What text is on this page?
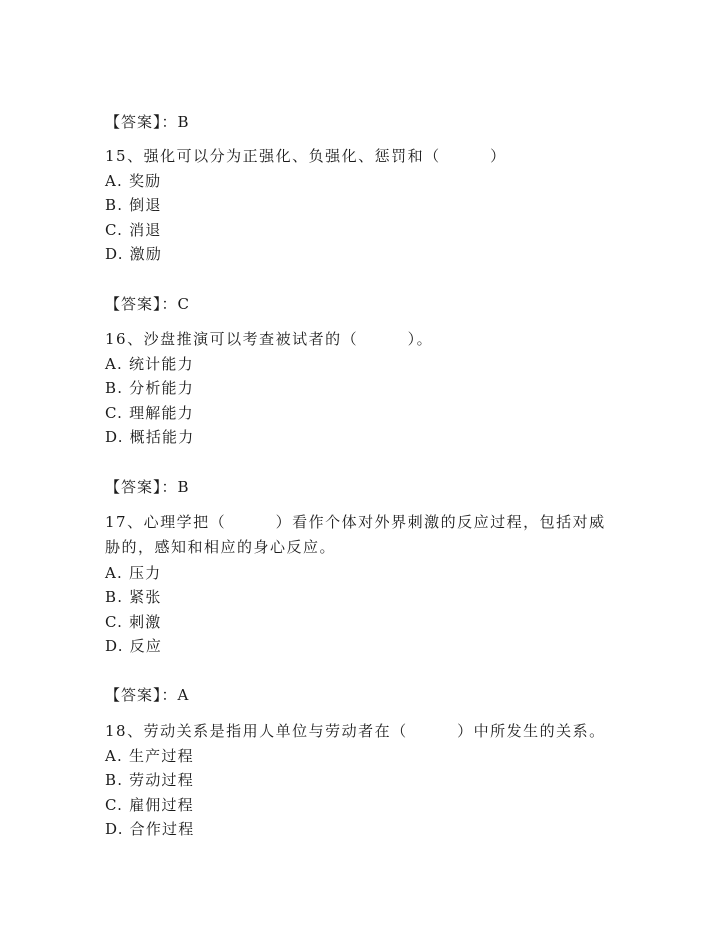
【答案】：B
15、强化可以分为正强化、负强化、惩罚和（　　　）
A. 奖励
B. 倒退
C. 消退
D. 激励
【答案】：C
16、沙盘推演可以考查被试者的（　　　）。
A. 统计能力
B. 分析能力
C. 理解能力
D. 概括能力
【答案】：B
17、心理学把（　　　）看作个体对外界刺激的反应过程，包括对威
胁的，感知和相应的身心反应。
A. 压力
B. 紧张
C. 刺激
D. 反应
【答案】：A
18、劳动关系是指用人单位与劳动者在（　　　）中所发生的关系。
A. 生产过程
B. 劳动过程
C. 雇佣过程
D. 合作过程
